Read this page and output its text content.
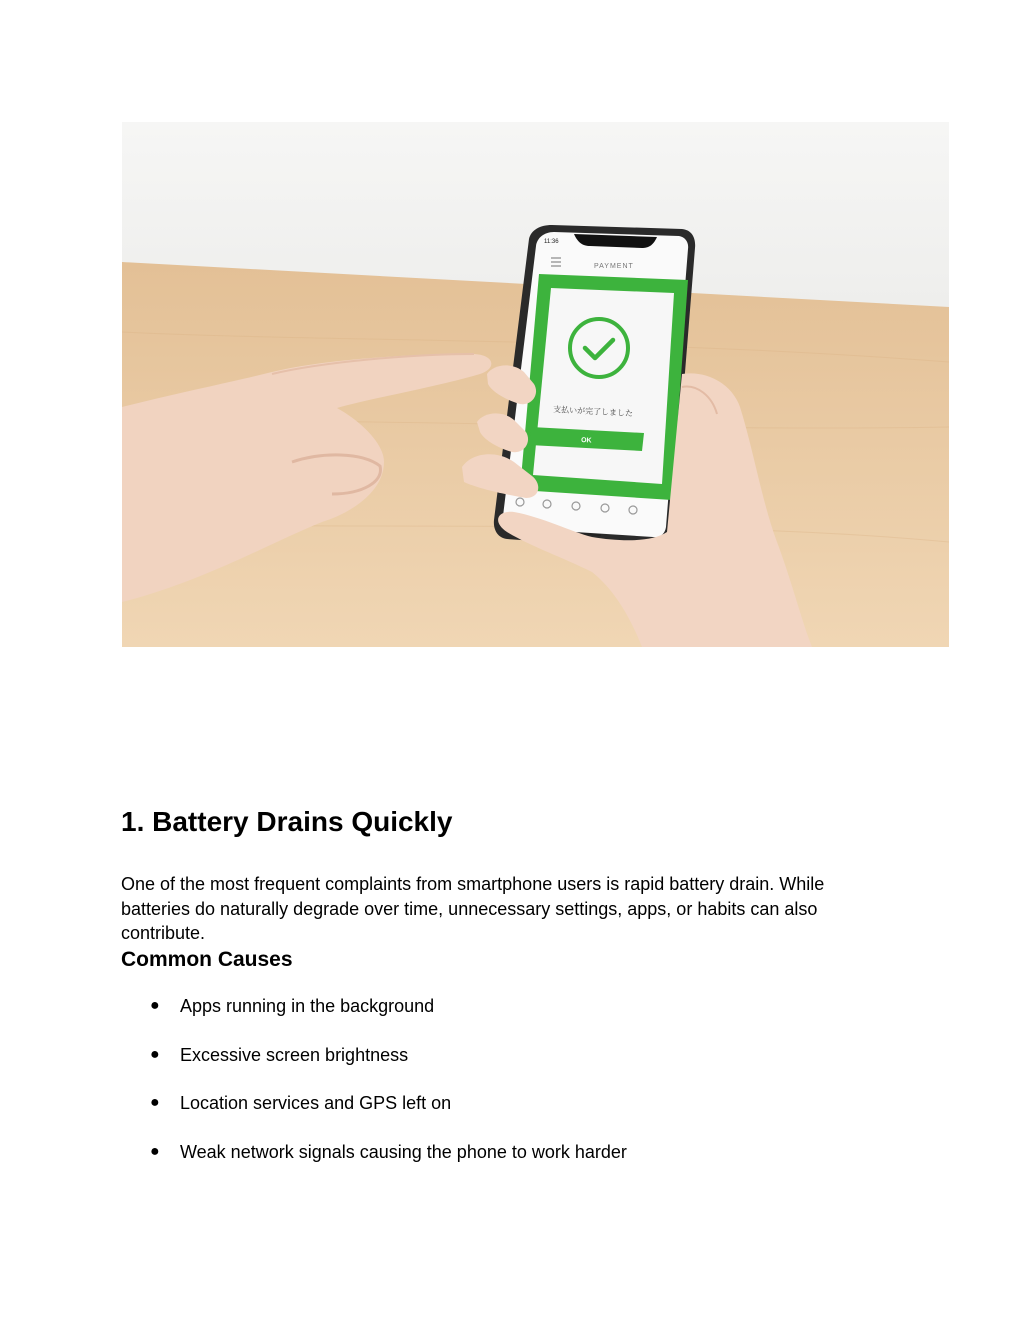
11:36
PAYMENT
支払いが完了しました
OK
1. Battery Drains Quickly

One of the most frequent complaints from smartphone users is rapid battery drain. While batteries do naturally degrade over time, unnecessary settings, apps, or habits can also contribute.

Common Causes
● Apps running in the background
● Excessive screen brightness
● Location services and GPS left on
● Weak network signals causing the phone to work harder
